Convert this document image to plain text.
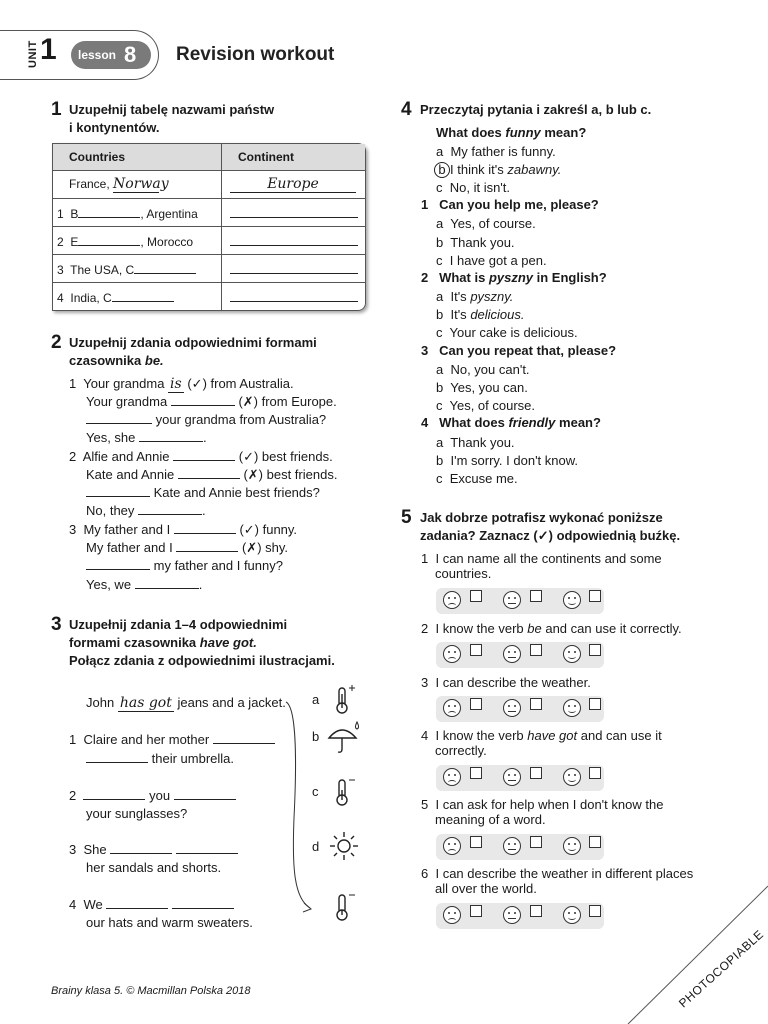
UNIT 1 lesson 8 Revision workout
1 Uzupełnij tabelę nazwami państw
i kontynentów.
Countries	Continent
France, Norway	Europe
1 B , Argentina	
2 E , Morocco	
3 The USA, C	
4 India, C	
2 Uzupełnij zdania odpowiednimi formami
czasownika be.
1 Your grandma is (✓) from Australia.
Your grandma	(✗) from Europe.
your grandma from Australia?
Yes, she	.
2 Alfie and Annie	(✓) best friends.
Kate and Annie	(✗) best friends.
Kate and Annie best friends?
No, they	.
3 My father and I	(✓) funny.
My father and I	(✗) shy.
my father and I funny?
Yes, we	.
3 Uzupełnij zdania 1–4 odpowiednimi
formami czasownika have got.
Połącz zdania z odpowiednimi ilustracjami.
John has got jeans and a jacket.
1 Claire and her mother
their umbrella.
2	you
your sunglasses?
3 She
her sandals and shorts.
4 We
our hats and warm sweaters.
a
b
c
d
4 Przeczytaj pytania i zakreśl a, b lub c.
What does funny mean?
a My father is funny.
b I think it's zabawny.
c No, it isn't.
1 Can you help me, please?
a Yes, of course.
b Thank you.
c I have got a pen.
2 What is pyszny in English?
a It's pyszny.
b It's delicious.
c Your cake is delicious.
3 Can you repeat that, please?
a No, you can't.
b Yes, you can.
c Yes, of course.
4 What does friendly mean?
a Thank you.
b I'm sorry. I don't know.
c Excuse me.
5 Jak dobrze potrafisz wykonać poniższe
zadania? Zaznacz (✓) odpowiednią buźkę.
1 I can name all the continents and some
countries.
2 I know the verb be and can use it correctly.
3 I can describe the weather.
4 I know the verb have got and can use it
correctly.
5 I can ask for help when I don't know the
meaning of a word.
6 I can describe the weather in different places
all over the world.
Brainy klasa 5. © Macmillan Polska 2018	PHOTOCOPIABLE
